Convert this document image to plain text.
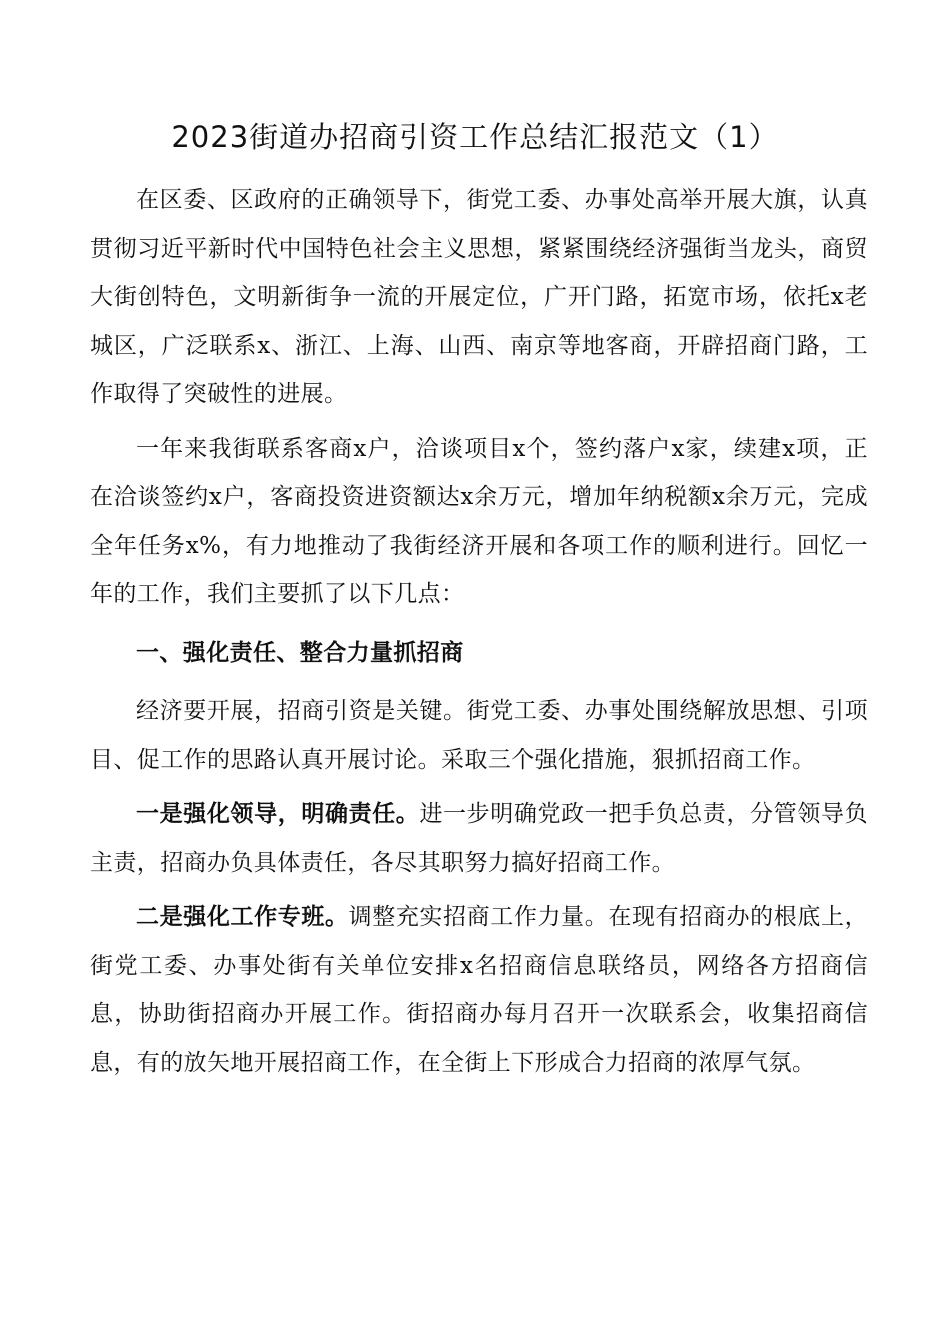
2023街道办招商引资工作总结汇报范文（1）

在区委、区政府的正确领导下，街党工委、办事处高举开展大旗，认真贯彻习近平新时代中国特色社会主义思想，紧紧围绕经济强街当龙头，商贸大街创特色，文明新街争一流的开展定位，广开门路，拓宽市场，依托x老城区，广泛联系x、浙江、上海、山西、南京等地客商，开辟招商门路，工作取得了突破性的进展。

一年来我街联系客商x户，洽谈项目x个，签约落户x家，续建x项，正在洽谈签约x户，客商投资进资额达x余万元，增加年纳税额x余万元，完成全年任务x%，有力地推动了我街经济开展和各项工作的顺利进行。回忆一年的工作，我们主要抓了以下几点：

一、强化责任、整合力量抓招商

经济要开展，招商引资是关键。街党工委、办事处围绕解放思想、引项目、促工作的思路认真开展讨论。采取三个强化措施，狠抓招商工作。

一是强化领导，明确责任。进一步明确党政一把手负总责，分管领导负主责，招商办负具体责任，各尽其职努力搞好招商工作。

二是强化工作专班。调整充实招商工作力量。在现有招商办的根底上，街党工委、办事处街有关单位安排x名招商信息联络员，网络各方招商信息，协助街招商办开展工作。街招商办每月召开一次联系会，收集招商信息，有的放矢地开展招商工作，在全街上下形成合力招商的浓厚气氛。
